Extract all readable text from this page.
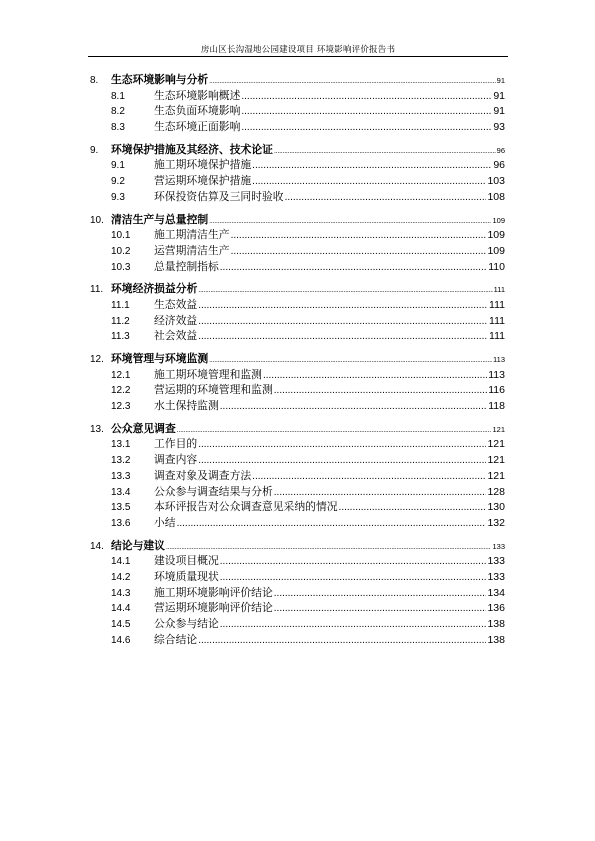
房山区长沟湿地公园建设项目 环境影响评价报告书
8.	生态环境影响与分析 .....	91
8.1	生态环境影响概述 .....	91
8.2	生态负面环境影响 .....	91
8.3	生态环境正面影响 .....	93
9.	环境保护措施及其经济、技术论证 .....	96
9.1	施工期环境保护措施 .....	96
9.2	营运期环境保护措施 .....	103
9.3	环保投资估算及三同时验收 .....	108
10. 清洁生产与总量控制 .....	109
10.1	施工期清洁生产 .....	109
10.2	运营期清洁生产 .....	109
10.3	总量控制指标 .....	110
11. 环境经济损益分析 .....	111
11.1	生态效益 .....	111
11.2	经济效益 .....	111
11.3	社会效益 .....	111
12. 环境管理与环境监测 .....	113
12.1	施工期环境管理和监测 .....	113
12.2	营运期的环境管理和监测 .....	116
12.3	水土保持监测 .....	118
13. 公众意见调查 .....	121
13.1	工作目的 .....	121
13.2	调查内容 .....	121
13.3	调查对象及调查方法 .....	121
13.4	公众参与调查结果与分析 .....	128
13.5	本环评报告对公众调查意见采纳的情况 .....	130
13.6	小结 .....	132
14. 结论与建议 .....	133
14.1	建设项目概况 .....	133
14.2	环境质量现状 .....	133
14.3	施工期环境影响评价结论 .....	134
14.4	营运期环境影响评价结论 .....	136
14.5	公众参与结论 .....	138
14.6	综合结论 .....	138
